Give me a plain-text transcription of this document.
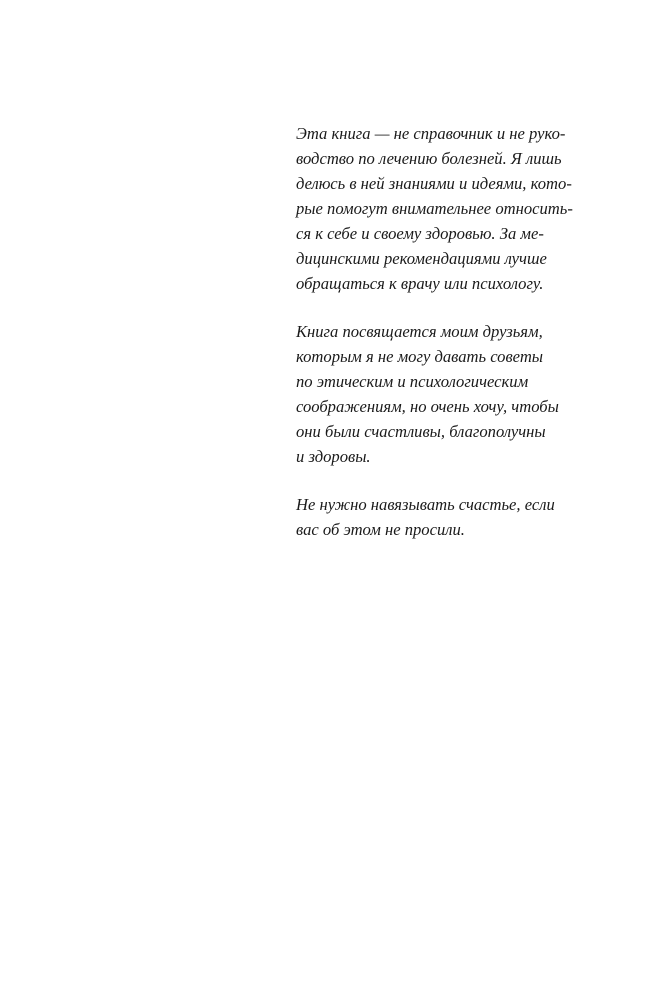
Эта книга — не справочник и не руко-
водство по лечению болезней. Я лишь
делюсь в ней знаниями и идеями, кото-
рые помогут внимательнее относить-
ся к себе и своему здоровью. За ме-
дицинскими рекомендациями лучше
обращаться к врачу или психологу.

Книга посвящается моим друзьям,
которым я не могу давать советы
по этическим и психологическим
соображениям, но очень хочу, чтобы
они были счастливы, благополучны
и здоровы.

Не нужно навязывать счастье, если
вас об этом не просили.
